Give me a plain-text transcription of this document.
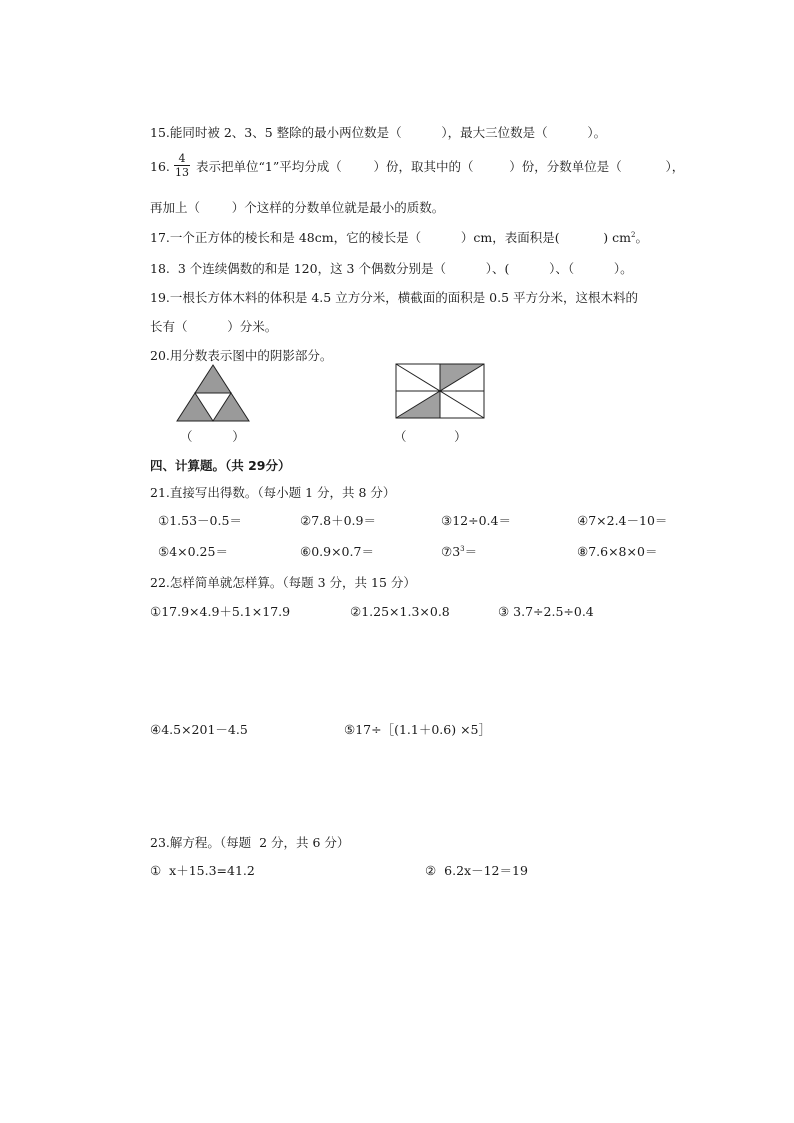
15.能同时被 2、3、5 整除的最小两位数是（          ），最大三位数是（          ）。
16. $\frac{4}{13}$ 表示把单位“1”平均分成（        ）份，取其中的（         ）份，分数单位是（           ），
再加上（        ）个这样的分数单位就是最小的质数。
17.一个正方体的棱长和是 48cm，它的棱长是（          ）cm，表面积是(           ) $cm^2$。
18.  3 个连续偶数的和是 120，这 3 个偶数分别是（          ）、(          ）、（          ）。
19.一根长方体木料的体积是 4.5 立方分米，横截面的面积是 0.5 平方分米，这根木料的
长有（          ）分米。
20.用分数表示图中的阴影部分。
（          ）	（            ）
四、计算题。（共 29分）
21.直接写出得数。（每小题 1 分，共 8 分）
①1.53－0.5＝	②7.8＋0.9＝	③12÷0.4＝	④7×2.4－10＝
⑤4×0.25＝	⑥0.9×0.7＝	$⑦3^3=$	⑧7.6×8×0＝
22.怎样简单就怎样算。（每题 3 分，共 15 分）
①17.9×4.9＋5.1×17.9	②1.25×1.3×0.8	③ 3.7÷2.5÷0.4
④4.5×201－4.5	⑤17÷［(1.1＋0.6) ×5］
23.解方程。（每题  2 分，共 6 分）
①  x＋15.3=41.2	②  6.2x－12＝19
